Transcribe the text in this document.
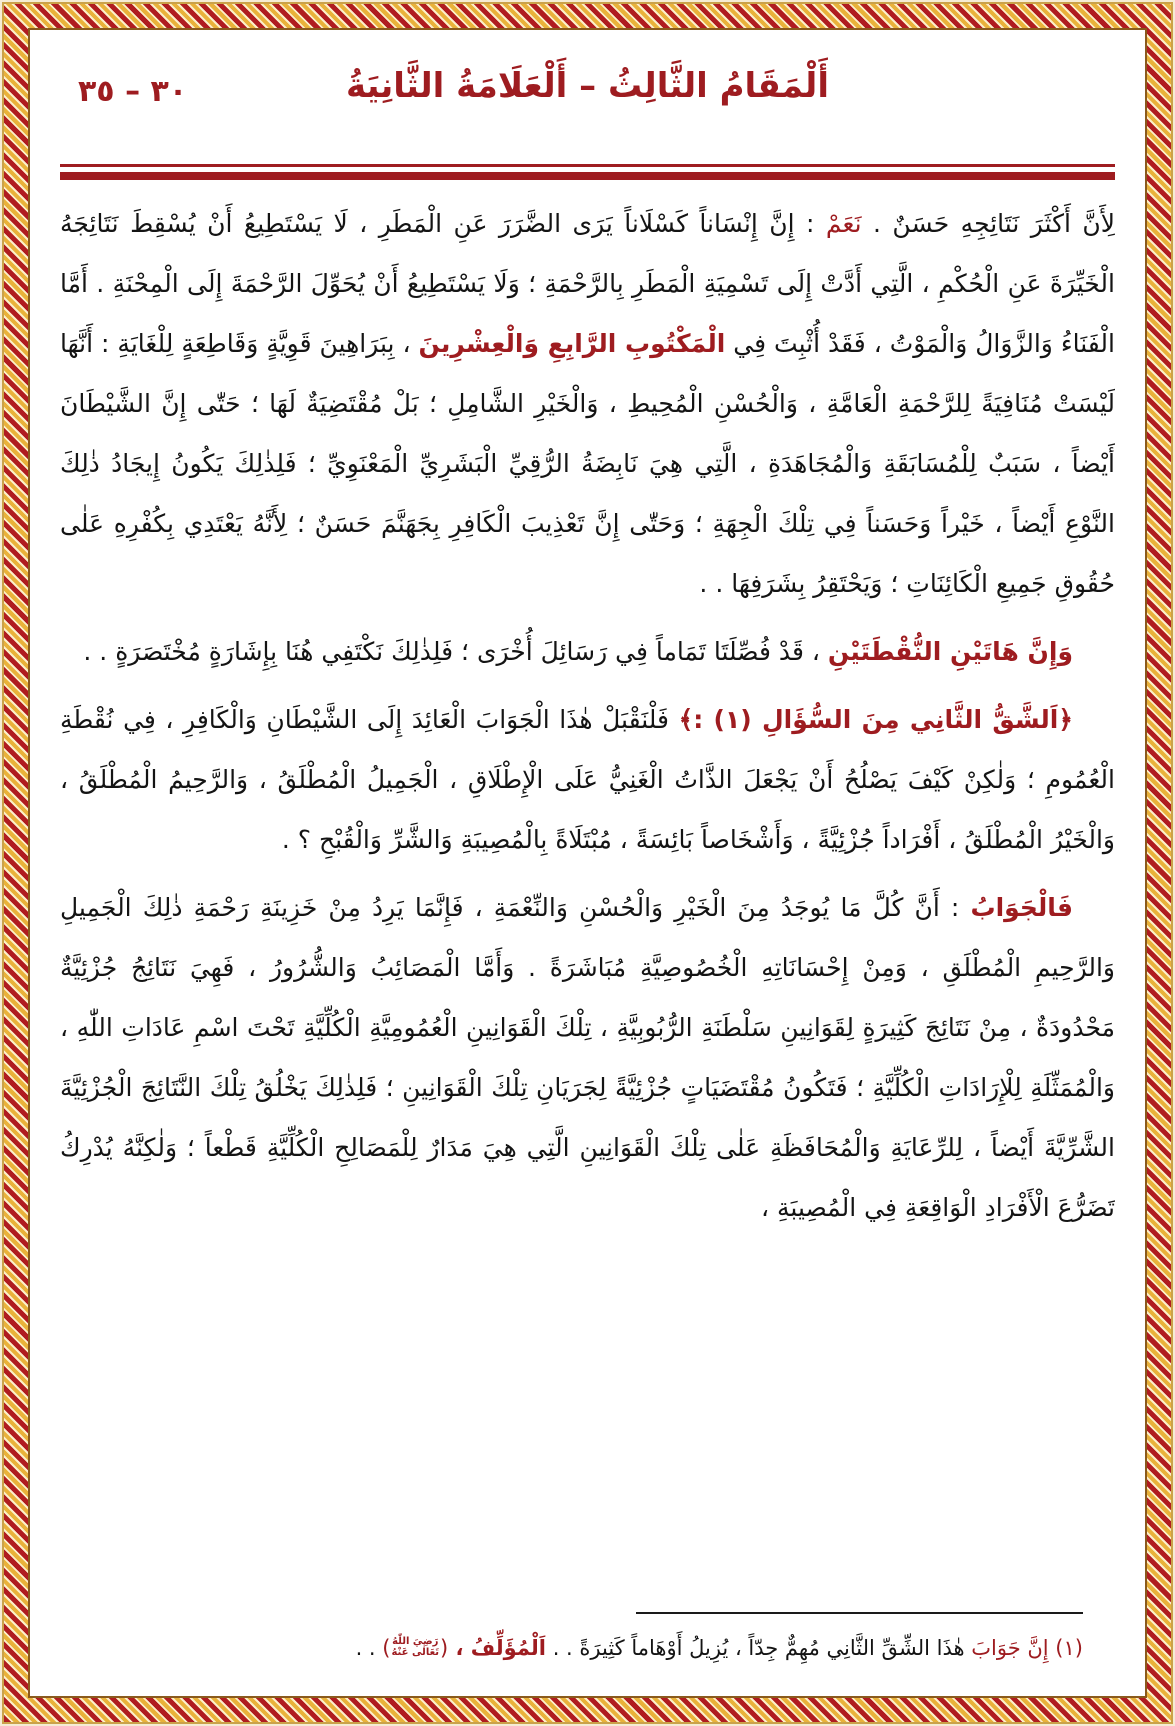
٣٠ – ٣٥	أَلْمَقَامُ الثَّالِثُ – أَلْعَلَامَةُ الثَّانِيَةُ

لِأَنَّ أَكْثَرَ نَتَائِجِهِ حَسَنٌ . نَعَمْ : إِنَّ إِنْسَاناً كَسْلَاناً يَرَى الضَّرَرَ عَنِ الْمَطَرِ ، لَا يَسْتَطِيعُ أَنْ يُسْقِطَ نَتَائِجَهُ الْخَيِّرَةَ عَنِ الْحُكْمِ ، الَّتِي أَدَّتْ إِلَى تَسْمِيَةِ الْمَطَرِ بِالرَّحْمَةِ ؛ وَلَا يَسْتَطِيعُ أَنْ يُحَوِّلَ الرَّحْمَةَ إِلَى الْمِحْنَةِ . أَمَّا الْفَنَاءُ وَالزَّوَالُ وَالْمَوْتُ ، فَقَدْ أُثْبِتَ فِي الْمَكْتُوبِ الرَّابِعِ وَالْعِشْرِينَ ، بِبَرَاهِينَ قَوِيَّةٍ وَقَاطِعَةٍ لِلْغَايَةِ : أَنَّهَا لَيْسَتْ مُنَافِيَةً لِلرَّحْمَةِ الْعَامَّةِ ، وَالْحُسْنِ الْمُحِيطِ ، وَالْخَيْرِ الشَّامِلِ ؛ بَلْ مُقْتَضِيَةٌ لَهَا ؛ حَتّٰى إِنَّ الشَّيْطَانَ أَيْضاً ، سَبَبٌ لِلْمُسَابَقَةِ وَالْمُجَاهَدَةِ ، الَّتِي هِيَ نَابِضَةُ الرُّقِيِّ الْبَشَرِيِّ الْمَعْنَوِيِّ ؛ فَلِذٰلِكَ يَكُونُ إِيجَادُ ذٰلِكَ النَّوْعِ أَيْضاً ، خَيْراً وَحَسَناً فِي تِلْكَ الْجِهَةِ ؛ وَحَتّٰى إِنَّ تَعْذِيبَ الْكَافِرِ بِجَهَنَّمَ حَسَنٌ ؛ لِأَنَّهُ يَعْتَدِي بِكُفْرِهِ عَلٰى حُقُوقِ جَمِيعِ الْكَائِنَاتِ ؛ وَيَحْتَقِرُ بِشَرَفِهَا . .

وَإِنَّ هَاتَيْنِ النُّقْطَتَيْنِ ، قَدْ فُصِّلَتَا تَمَاماً فِي رَسَائِلَ أُخْرَى ؛ فَلِذٰلِكَ نَكْتَفِي هُنَا بِإِشَارَةٍ مُخْتَصَرَةٍ . .

﴿اَلشَّقُّ الثَّانِي مِنَ السُّؤَالِ (١) :﴾ فَلْنَقْبَلْ هٰذَا الْجَوَابَ الْعَائِدَ إِلَى الشَّيْطَانِ وَالْكَافِرِ ، فِي نُقْطَةِ الْعُمُومِ ؛ وَلٰكِنْ كَيْفَ يَصْلُحُ أَنْ يَجْعَلَ الذَّاتُ الْغَنِيُّ عَلَى الْإِطْلَاقِ ، الْجَمِيلُ الْمُطْلَقُ ، وَالرَّحِيمُ الْمُطْلَقُ ، وَالْخَيْرُ الْمُطْلَقُ ، أَفْرَاداً جُزْئِيَّةً ، وَأَشْخَاصاً بَائِسَةً ، مُبْتَلَاةً بِالْمُصِيبَةِ وَالشَّرِّ وَالْقُبْحِ ؟ .

فَالْجَوَابُ : أَنَّ كُلَّ مَا يُوجَدُ مِنَ الْخَيْرِ وَالْحُسْنِ وَالنِّعْمَةِ ، فَإِنَّمَا يَرِدُ مِنْ خَزِينَةِ رَحْمَةِ ذٰلِكَ الْجَمِيلِ وَالرَّحِيمِ الْمُطْلَقِ ، وَمِنْ إِحْسَانَاتِهِ الْخُصُوصِيَّةِ مُبَاشَرَةً . وَأَمَّا الْمَصَائِبُ وَالشُّرُورُ ، فَهِيَ نَتَائِجُ جُزْئِيَّةٌ مَحْدُودَةٌ ، مِنْ نَتَائِجَ كَثِيرَةٍ لِقَوَانِينِ سَلْطَنَةِ الرُّبُوبِيَّةِ ، تِلْكَ الْقَوَانِينِ الْعُمُومِيَّةِ الْكُلِّيَّةِ تَحْتَ اسْمِ عَادَاتِ اللّٰهِ ، وَالْمُمَثِّلَةِ لِلْإِرَادَاتِ الْكُلِّيَّةِ ؛ فَتَكُونُ مُقْتَضَيَاتٍ جُزْئِيَّةً لِجَرَيَانِ تِلْكَ الْقَوَانِينِ ؛ فَلِذٰلِكَ يَخْلُقُ تِلْكَ النَّتَائِجَ الْجُزْئِيَّةَ الشَّرِّيَّةَ أَيْضاً ، لِلرِّعَايَةِ وَالْمُحَافَظَةِ عَلٰى تِلْكَ الْقَوَانِينِ الَّتِي هِيَ مَدَارٌ لِلْمَصَالِحِ الْكُلِّيَّةِ قَطْعاً ؛ وَلٰكِنَّهُ يُدْرِكُ تَضَرُّعَ الْأَفْرَادِ الْوَاقِعَةِ فِي الْمُصِيبَةِ ،

(١) إِنَّ جَوَابَ هٰذَا الشِّقِّ الثَّانِي مُهِمٌّ جِدّاً ، يُزِيلُ أَوْهَاماً كَثِيرَةً . . اَلْمُؤَلِّفُ ، (
رَضِيَ اللّٰهُ
تَعَالٰى عَنْهُ
) . .
